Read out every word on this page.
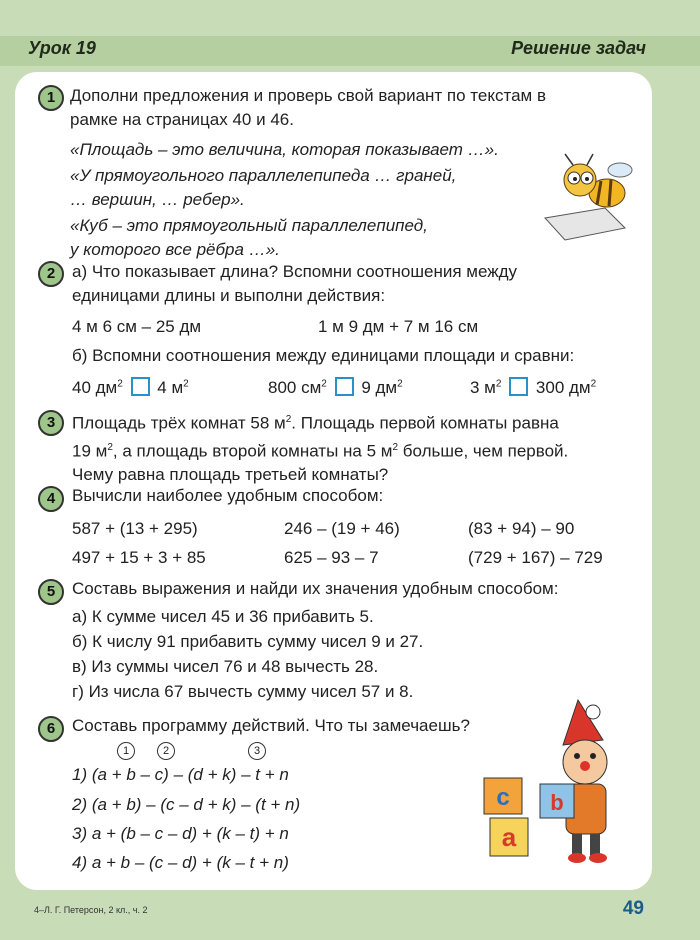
Урок 19	Решение задач
1 Дополни предложения и проверь свой вариант по текстам в
рамке на страницах 40 и 46.
«Площадь – это величина, которая показывает …».
«У прямоугольного параллелепипеда … граней,
… вершин, … ребер».
«Куб – это прямоугольный параллелепипед,
у которого все рёбра …».
2 а) Что показывает длина? Вспомни соотношения между
единицами длины и выполни действия:
4 м 6 см – 25 дм	1 м 9 дм + 7 м 16 см
б) Вспомни соотношения между единицами площади и сравни:
40 $дм^2$ 4 $м^2$	800 $см^2$ 9 $дм^2$	3 $м^2$ 300 $дм^2$
3 Площадь трёх комнат 58 $м^2$. Площадь первой комнаты равна
19 $м^2$, а площадь второй комнаты на 5 $м^2$ больше, чем первой.
Чему равна площадь третьей комнаты?
4 Вычисли наиболее удобным способом:
587 + (13 + 295)	246 – (19 + 46)	(83 + 94) – 90
497 + 15 + 3 + 85	625 – 93 – 7	(729 + 167) – 729
5 Составь выражения и найди их значения удобным способом:
а) К сумме чисел 45 и 36 прибавить 5.
б) К числу 91 прибавить сумму чисел 9 и 27.
в) Из суммы чисел 76 и 48 вычесть 28.
г) Из числа 67 вычесть сумму чисел 57 и 8.
6 Составь программу действий. Что ты замечаешь?
1	2	3
1) (a + b – c) – (d + k) – t + n
2) (a + b) – (c – d + k) – (t + n)
3) a + (b – c – d) + (k – t) + n
4) a + b – (c – d) + (k – t + n)
c b
a
4–Л. Г. Петерсон, 2 кл., ч. 2	49
